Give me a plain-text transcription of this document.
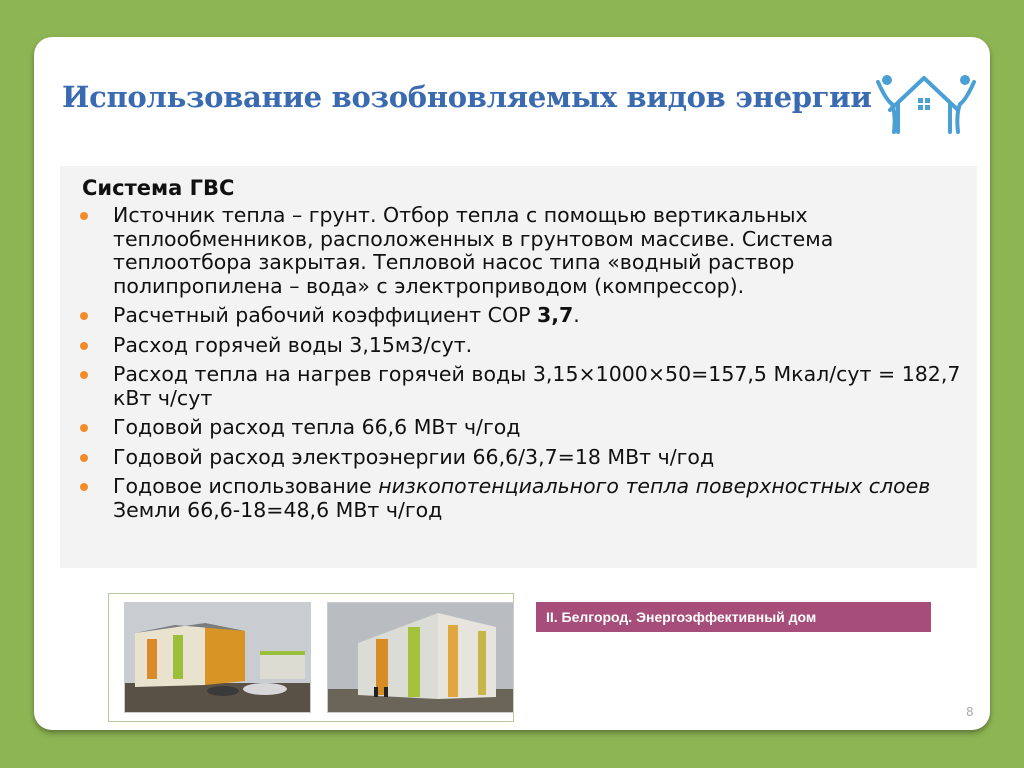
Использование возобновляемых видов энергии
Система ГВС
Источник тепла – грунт. Отбор тепла с помощью вертикальных теплообменников, расположенных в грунтовом массиве. Система теплоотбора закрытая. Тепловой насос типа «водный раствор полипропилена – вода» с электроприводом (компрессор).
Расчетный рабочий коэффициент СОР 3,7.
Расход горячей воды 3,15м3/сут.
Расход тепла на нагрев горячей воды 3,15×1000×50=157,5 Мкал/сут = 182,7 кВт ч/сут
Годовой расход тепла 66,6 МВт ч/год
Годовой расход электроэнергии 66,6/3,7=18 МВт ч/год
Годовое использование низкопотенциального тепла поверхностных слоев Земли 66,6-18=48,6 МВт ч/год
II. Белгород. Энергоэффективный дом
8
